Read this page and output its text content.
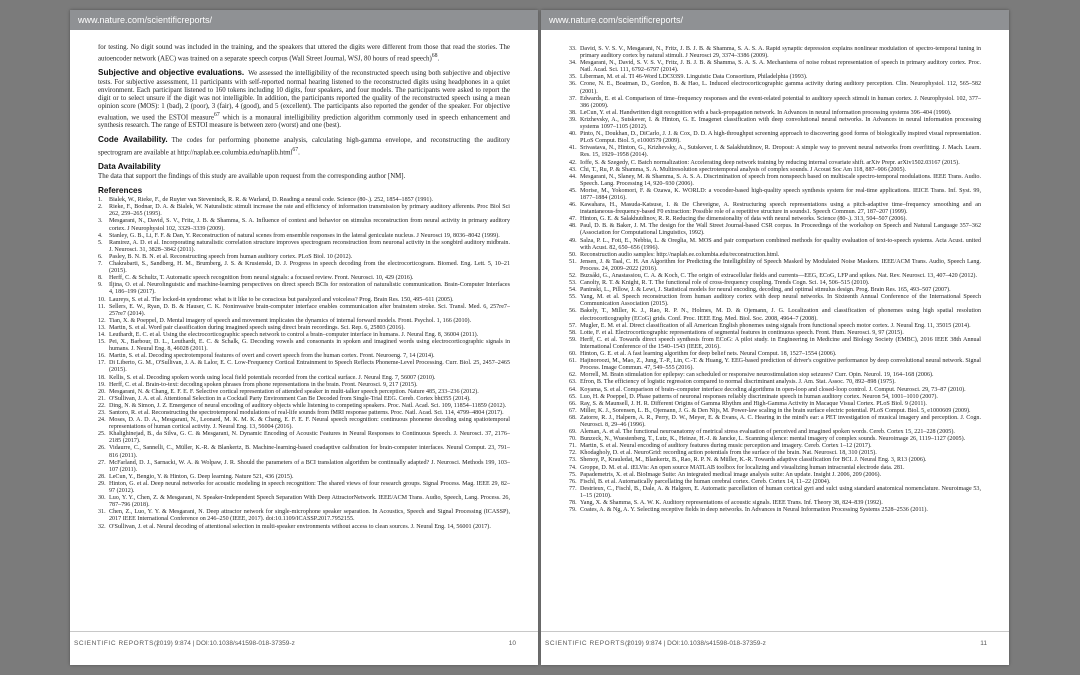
www.nature.com/scientificreports/

for testing. No digit sound was included in the training, and the speakers that uttered the digits were different from those that read the stories. The autoencoder network (AEC) was trained on a separate speech corpus (Wall Street Journal, WSJ, 80 hours of read speech)$^{68}$.

Subjective and objective evaluations. We assessed the intelligibility of the reconstructed speech using both subjective and objective tests. For subjective assessment, 11 participants with self-reported normal hearing listened to the reconstructed digits using headphones in a quiet environment. Each participant listened to 160 tokens including 10 digits, four speakers, and four models. The participants were asked to report the digit or to select unsure if the digit was not intelligible. In addition, the participants reported the quality of the reconstructed speech using a mean opinion score (MOS): 1 (bad), 2 (poor), 3 (fair), 4 (good), and 5 (excellent). The participants also reported the gender of the speaker. For objective evaluation, we used the ESTOI measure$^{67}$ which is a monaural intelligibility prediction algorithm commonly used in speech enhancement and synthesis research. The range of ESTOI measure is between zero (worst) and one (best).

Code Availability. The codes for performing phoneme analysis, calculating high-gamma envelope, and reconstructing the auditory spectrogram are available at http://naplab.ee.columbia.edu/naplib.html$^{67}$.

Data Availability

The data that support the findings of this study are available upon request from the corresponding author [NM].

References
1. Bialek, W., Rieke, F., de Ruyter van Steveninck, R. R. & Warland, D. Reading a neural code. Science (80-.). 252, 1854–1857 (1991).
2. Rieke, F., Bodnar, D. A. & Bialek, W. Naturalistic stimuli increase the rate and efficiency of information transmission by primary auditory afferents. Proc Biol Sci 262, 259–265 (1995).
3. Mesgarani, N., David, S. V., Fritz, J. B. & Shamma, S. A. Influence of context and behavior on stimulus reconstruction from neural activity in primary auditory cortex. J Neurophysiol 102, 3329–3339 (2009).
4. Stanley, G. B., Li, F. F. & Dan, Y. Reconstruction of natural scenes from ensemble responses in the lateral geniculate nucleus. J Neurosci 19, 8036–8042 (1999).
5. Ramirez, A. D. et al. Incorporating naturalistic correlation structure improves spectrogram reconstruction from neuronal activity in the songbird auditory midbrain. J. Neurosci. 31, 3828–3842 (2011).
6. Pasley, B. N. B. N. et al. Reconstructing speech from human auditory cortex. PLoS Biol. 10 (2012).
7. Chakrabarti, S., Sandberg, H. M., Brumberg, J. S. & Krusienski, D. J. Progress in speech decoding from the electrocorticogram. Biomed. Eng. Lett. 5, 10–21 (2015).
8. Herff, C. & Schultz, T. Automatic speech recognition from neural signals: a focused review. Front. Neurosci. 10, 429 (2016).
9. Iljina, O. et al. Neurolinguistic and machine-learning perspectives on direct speech BCIs for restoration of naturalistic communication. Brain-Computer Interfaces 4, 186–199 (2017).
10. Laureys, S. et al. The locked-in syndrome: what is it like to be conscious but paralyzed and voiceless? Prog. Brain Res. 150, 495–611 (2005).
11. Sellers, E. W., Ryan, D. B. & Hauser, C. K. Noninvasive brain-computer interface enables communication after brainstem stroke. Sci. Transl. Med. 6, 257re7–257re7 (2014).
12. Tian, X. & Poeppel, D. Mental imagery of speech and movement implicates the dynamics of internal forward models. Front. Psychol. 1, 166 (2010).
13. Martin, S. et al. Word pair classification during imagined speech using direct brain recordings. Sci. Rep. 6, 25803 (2016).
14. Leuthardt, E. C. et al. Using the electrocorticographic speech network to control a brain–computer interface in humans. J. Neural Eng. 8, 36004 (2011).
15. Pei, X., Barbour, D. L., Leuthardt, E. C. & Schalk, G. Decoding vowels and consonants in spoken and imagined words using electrocorticographic signals in humans. J. Neural Eng. 8, 46028 (2011).
16. Martin, S. et al. Decoding spectrotemporal features of overt and covert speech from the human cortex. Front. Neuroeng. 7, 14 (2014).
17. Di Liberto, G. M., O'Sullivan, J. A. & Lalor, E. C. Low-Frequency Cortical Entrainment to Speech Reflects Phoneme-Level Processing. Curr. Biol. 25, 2457–2465 (2015).
18. Kellis, S. et al. Decoding spoken words using local field potentials recorded from the cortical surface. J. Neural Eng. 7, 56007 (2010).
19. Herff, C. et al. Brain-to-text: decoding spoken phrases from phone representations in the brain. Front. Neurosci. 9, 217 (2015).
20. Mesgarani, N. & Chang, E. F. E. F. Selective cortical representation of attended speaker in multi-talker speech perception. Nature 485, 233–236 (2012).
21. O'Sullivan, J. A. et al. Attentional Selection in a Cocktail Party Environment Can Be Decoded from Single-Trial EEG. Cereb. Cortex bht355 (2014).
22. Ding, N. & Simon, J. Z. Emergence of neural encoding of auditory objects while listening to competing speakers. Proc. Natl. Acad. Sci. 109, 11854–11859 (2012).
23. Santoro, R. et al. Reconstructing the spectrotemporal modulations of real-life sounds from fMRI response patterns. Proc. Natl. Acad. Sci. 114, 4799–4804 (2017).
24. Moses, D. A. D. A., Mesgarani, N., Leonard, M. K. M. K. & Chang, E. F. E. F. Neural speech recognition: continuous phoneme decoding using spatiotemporal representations of human cortical activity. J. Neural Eng. 13, 56004 (2016).
25. Khalighinejad, B., da Silva, G. C. & Mesgarani, N. Dynamic Encoding of Acoustic Features in Neural Responses to Continuous Speech. J. Neurosci. 37, 2176–2185 (2017).
26. Vidaurre, C., Sannelli, C., Müller, K.-R. & Blankertz, B. Machine-learning-based coadaptive calibration for brain-computer interfaces. Neural Comput. 23, 791–816 (2011).
27. McFarland, D. J., Sarnacki, W. A. & Wolpaw, J. R. Should the parameters of a BCI translation algorithm be continually adapted? J. Neurosci. Methods 199, 103–107 (2011).
28. LeCun, Y., Bengio, Y. & Hinton, G. Deep learning. Nature 521, 436 (2015).
29. Hinton, G. et al. Deep neural networks for acoustic modeling in speech recognition: The shared views of four research groups. Signal Process. Mag. IEEE 29, 82–97 (2012).
30. Luo, Y. Y., Chen, Z. & Mesgarani, N. Speaker-Independent Speech Separation With Deep AttractorNetwork. IEEE/ACM Trans. Audio, Speech, Lang. Process. 26, 787–796 (2018).
31. Chen, Z., Luo, Y. Y. & Mesgarani, N. Deep attractor network for single-microphone speaker separation. In Acoustics, Speech and Signal Processing (ICASSP), 2017 IEEE International Conference on 246–250 (IEEE, 2017). doi:10.1109/ICASSP.2017.7952155.
32. O'Sullivan, J. et al. Neural decoding of attentional selection in multi-speaker environments without access to clean sources. J. Neural Eng. 14, 56001 (2017).
SCIENTIFIC REPORTS |
(2019) 9:874 | DOI:10.1038/s41598-018-37359-z	10
www.nature.com/scientificreports/
33. David, S. V. S. V., Mesgarani, N., Fritz, J. B. J. B. & Shamma, S. A. S. A. Rapid synaptic depression explains nonlinear modulation of spectro-temporal tuning in primary auditory cortex by natural stimuli. J Neurosci 29, 3374–3386 (2009).
34. Mesgarani, N., David, S. V. S. V., Fritz, J. B. J. B. & Shamma, S. A. S. A. Mechanisms of noise robust representation of speech in primary auditory cortex. Proc. Natl. Acad. Sci. 111, 6792–6797 (2014).
35. Liberman, M. et al. TI 46-Word LDC93S9. Linguistic Data Consortium, Philadelphia (1993).
36. Crone, N. E., Boatman, D., Gordon, B. & Hao, L. Induced electrocorticographic gamma activity during auditory perception. Clin. Neurophysiol. 112, 565–582 (2001).
37. Edwards, E. et al. Comparison of time–frequency responses and the event-related potential to auditory speech stimuli in human cortex. J. Neurophysiol. 102, 377–386 (2009).
38. LeCun, Y. et al. Handwritten digit recognition with a back-propagation network. In Advances in neural information processing systems 396–404 (1990).
39. Krizhevsky, A., Sutskever, I. & Hinton, G. E. Imagenet classification with deep convolutional neural networks. In Advances in neural information processing systems 1097–1105 (2012).
40. Pinto, N., Doukhan, D., DiCarlo, J. J. & Cox, D. D. A high-throughput screening approach to discovering good forms of biologically inspired visual representation. PLoS Comput. Biol. 5, e1000579 (2009).
41. Srivastava, N., Hinton, G., Krizhevsky, A., Sutskever, I. & Salakhutdinov, R. Dropout: A simple way to prevent neural networks from overfitting. J. Mach. Learn. Res. 15, 1929–1958 (2014).
42. Ioffe, S. & Szegedy, C. Batch normalization: Accelerating deep network training by reducing internal covariate shift. arXiv Prepr. arXiv1502.03167 (2015).
43. Chi, T., Ru, P. & Shamma, S. A. Multiresolution spectrotemporal analysis of complex sounds. J Acoust Soc Am 118, 887–906 (2005).
44. Mesgarani, N., Slaney, M. & Shamma, S. A. S. A. Discrimination of speech from nonspeech based on multiscale spectro-temporal modulations. IEEE Trans. Audio. Speech. Lang. Processing 14, 920–930 (2006).
45. Morise, M., Yokomori, F. & Ozawa, K. WORLD: a vocoder-based high-quality speech synthesis system for real-time applications. IEICE Trans. Inf. Syst. 99, 1877–1884 (2016).
46. Kawahara, H., Masuda-Katsuse, I. & De Cheveigne, A. Restructuring speech representations using a pitch-adaptive time–frequency smoothing and an instantaneous-frequency-based F0 extraction: Possible role of a repetitive structure in sounds1. Speech Commun. 27, 187–207 (1999).
47. Hinton, G. E. & Salakhutdinov, R. R. Reducing the dimensionality of data with neural networks. Science (80-.). 313, 504–507 (2006).
48. Paul, D. B. & Baker, J. M. The design for the Wall Street Journal-based CSR corpus. In Proceedings of the workshop on Speech and Natural Language 357–362 (Association for Computational Linguistics, 1992).
49. Salza, P. L., Foti, E., Nebbia, L. & Oreglia, M. MOS and pair comparison combined methods for quality evaluation of text-to-speech systems. Acta Acust. united with Acust. 82, 650–656 (1996).
50. Reconstruction audio samples: http://naplab.ee.columbia.edu/reconstruction.html.
51. Jensen, J. & Taal, C. H. An Algorithm for Predicting the Intelligibility of Speech Masked by Modulated Noise Maskers. IEEE/ACM Trans. Audio, Speech Lang. Process. 24, 2009–2022 (2016).
52. Buzsáki, G., Anastassiou, C. A. & Koch, C. The origin of extracellular fields and currents—EEG, ECoG, LFP and spikes. Nat. Rev. Neurosci. 13, 407–420 (2012).
53. Canolty, R. T. & Knight, R. T. The functional role of cross-frequency coupling. Trends Cogn. Sci. 14, 506–515 (2010).
54. Paninski, L., Pillow, J. & Lewi, J. Statistical models for neural encoding, decoding, and optimal stimulus design. Prog. Brain Res. 165, 493–507 (2007).
55. Yang, M. et al. Speech reconstruction from human auditory cortex with deep neural networks. In Sixteenth Annual Conference of the International Speech Communication Association (2015).
56. Bakely, T., Miller, K. J., Rao, R. P. N., Holmes, M. D. & Ojemann, J. G. Localization and classification of phonemes using high spatial resolution electrocorticography (ECoG) grids. Conf. Proc. IEEE Eng. Med. Biol. Soc. 2008, 4964–7 (2008).
57. Mugler, E. M. et al. Direct classification of all American English phonemes using signals from functional speech motor cortex. J. Neural Eng. 11, 35015 (2014).
58. Lotte, F. et al. Electrocorticographic representations of segmental features in continuous speech. Front. Hum. Neurosci. 9, 97 (2015).
59. Herff, C. et al. Towards direct speech synthesis from ECoG: A pilot study. in Engineering in Medicine and Biology Society (EMBC), 2016 IEEE 38th Annual International Conference of the 1540–1543 (IEEE, 2016).
60. Hinton, G. E. et al. A fast learning algorithm for deep belief nets. Neural Comput. 18, 1527–1554 (2006).
61. Hajinoroozi, M., Mao, Z., Jung, T.-P., Lin, C.-T. & Huang, Y. EEG-based prediction of driver's cognitive performance by deep convolutional neural network. Signal Process. Image Commun. 47, 549–555 (2016).
62. Morrell, M. Brain stimulation for epilepsy: can scheduled or responsive neurostimulation stop seizures? Curr. Opin. Neurol. 19, 164–168 (2006).
63. Efron, B. The efficiency of logistic regression compared to normal discriminant analysis. J. Am. Stat. Assoc. 70, 892–898 (1975).
64. Koyama, S. et al. Comparison of brain–computer interface decoding algorithms in open-loop and closed-loop control. J. Comput. Neurosci. 29, 73–87 (2010).
65. Luo, H. & Poeppel, D. Phase patterns of neuronal responses reliably discriminate speech in human auditory cortex. Neuron 54, 1001–1010 (2007).
66. Ray, S. & Maunsell, J. H. R. Different Origins of Gamma Rhythm and High-Gamma Activity in Macaque Visual Cortex. PLoS Biol. 9 (2011).
67. Miller, K. J., Sorensen, L. B., Ojemann, J. G. & Den Nijs, M. Power-law scaling in the brain surface electric potential. PLoS Comput. Biol. 5, e1000609 (2009).
68. Zatorre, R. J., Halpern, A. R., Perry, D. W., Meyer, E. & Evans, A. C. Hearing in the mind's ear: a PET investigation of musical imagery and perception. J. Cogn. Neurosci. 8, 29–46 (1996).
69. Aleman, A. et al. The functional neuroanatomy of metrical stress evaluation of perceived and imagined spoken words. Cereb. Cortex 15, 221–228 (2005).
70. Bunzeck, N., Wuestenberg, T., Lutz, K., Heinze, H.-J. & Jancke, L. Scanning silence: mental imagery of complex sounds. Neuroimage 26, 1119–1127 (2005).
71. Martin, S. et al. Neural encoding of auditory features during music perception and imagery. Cereb. Cortex 1–12 (2017).
72. Khodagholy, D. et al. NeuroGrid: recording action potentials from the surface of the brain. Nat. Neurosci. 18, 310 (2015).
73. Shenoy, P., Krauledat, M., Blankertz, B., Rao, R. P. N. & Müller, K.-R. Towards adaptive classification for BCI. J. Neural Eng. 3, R13 (2006).
74. Groppe, D. M. et al. iELVis: An open source MATLAB toolbox for localizing and visualizing human intracranial electrode data. 281.
75. Papademetris, X. et al. BioImage Suite: An integrated medical image analysis suite: An update. Insight J. 2006, 209 (2006).
76. Fischl, B. et al. Automatically parcellating the human cerebral cortex. Cereb. Cortex 14, 11–22 (2004).
77. Destrieux, C., Fischl, B., Dale, A. & Halgren, E. Automatic parcellation of human cortical gyri and sulci using standard anatomical nomenclature. Neuroimage 53, 1–15 (2010).
78. Yang, X. & Shamma, S. A. W. K. Auditory representations of acoustic signals. IEEE Trans. Inf. Theory 38, 824–839 (1992).
79. Coates, A. & Ng, A. Y. Selecting receptive fields in deep networks. In Advances in Neural Information Processing Systems 2528–2536 (2011).
SCIENTIFIC REPORTS |
(2019) 9:874 | DOI:10.1038/s41598-018-37359-z	11
